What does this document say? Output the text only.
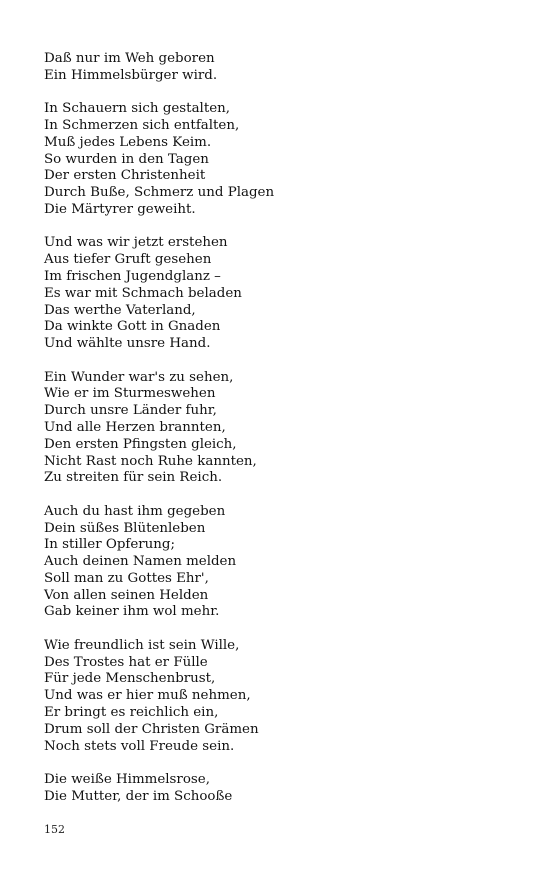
Daß nur im Weh geboren
Ein Himmelsbürger wird.
In Schauern sich gestalten,
In Schmerzen sich entfalten,
Muß jedes Lebens Keim.
So wurden in den Tagen
Der ersten Christenheit
Durch Buße, Schmerz und Plagen
Die Märtyrer geweiht.
Und was wir jetzt erstehen
Aus tiefer Gruft gesehen
Im frischen Jugendglanz –
Es war mit Schmach beladen
Das werthe Vaterland,
Da winkte Gott in Gnaden
Und wählte unsre Hand.
Ein Wunder war's zu sehen,
Wie er im Sturmeswehen
Durch unsre Länder fuhr,
Und alle Herzen brannten,
Den ersten Pfingsten gleich,
Nicht Rast noch Ruhe kannten,
Zu streiten für sein Reich.
Auch du hast ihm gegeben
Dein süßes Blütenleben
In stiller Opferung;
Auch deinen Namen melden
Soll man zu Gottes Ehr',
Von allen seinen Helden
Gab keiner ihm wol mehr.
Wie freundlich ist sein Wille,
Des Trostes hat er Fülle
Für jede Menschenbrust,
Und was er hier muß nehmen,
Er bringt es reichlich ein,
Drum soll der Christen Grämen
Noch stets voll Freude sein.
Die weiße Himmelsrose,
Die Mutter, der im Schooße
152
